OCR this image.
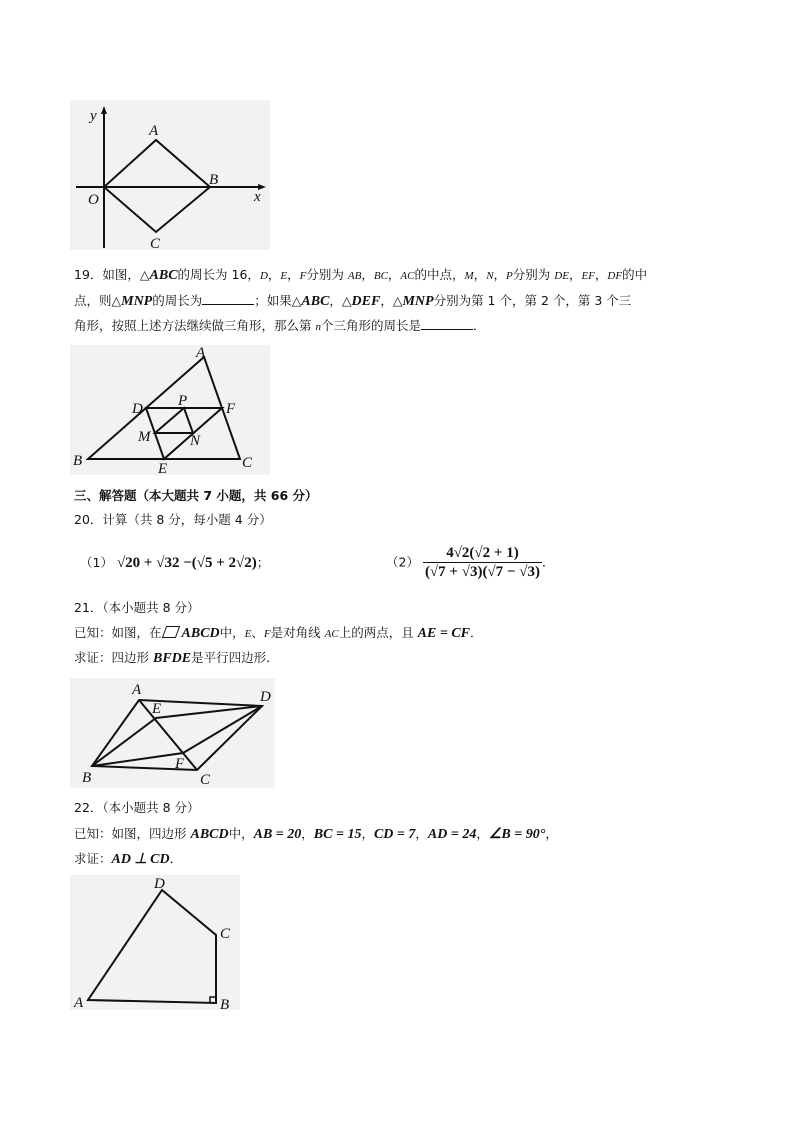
y
x
O
A
B
C
19．如图，△ABC的周长为 16，D，E，F分别为 AB，BC，AC的中点，M，N，P分别为 DE，EF，DF的中
点，则△MNP的周长为	；如果△ABC，△DEF，△MNP分别为第 1 个，第 2 个，第 3 个三
角形，按照上述方法继续做三角形，那么第 n个三角形的周长是	．
A
B	C
D
E
F
M	N
P
三、解答题（本大题共 7 小题，共 66 分）
20．计算（共 8 分，每小题 4 分）
（1） √20 + √32 −(√5 + 2√2)；	$(2) \frac{4√2(√2 + 1)}{(√7 + √3)(√7 - √3)}$ ．
21．（本小题共 8 分）
已知：如图，在 ABCD中，E、F是对角线 AC上的两点，且 AE = CF．
求证：四边形 BFDE是平行四边形．
A
B	C
D
E
F
22．（本小题共 8 分）
已知：如图，四边形 ABCD中，AB = 20，BC = 15，CD = 7，AD = 24，∠B = 90°，
求证：AD ⊥ CD．
A	B
C
D
